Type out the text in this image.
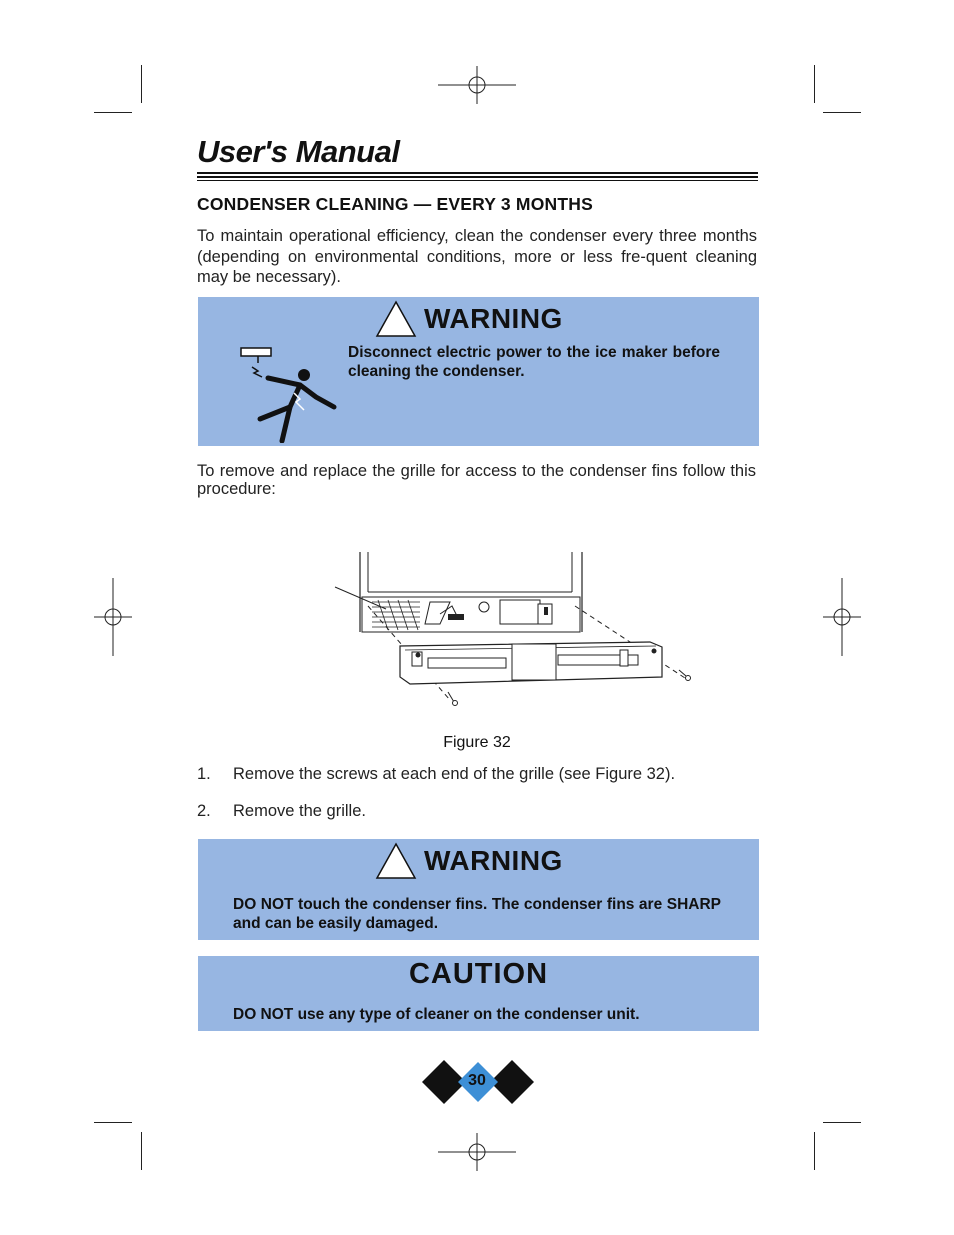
User's Manual
CONDENSER CLEANING — EVERY 3 MONTHS
To maintain operational efficiency, clean the condenser every three months (depending on environmental conditions, more or less fre-quent cleaning may be necessary).
WARNING
Disconnect electric power to the ice maker before cleaning the condenser.
To remove and replace the grille for access to the condenser fins follow this procedure:
Figure 32
1. Remove the screws at each end of the grille (see Figure 32).
2. Remove the grille.
WARNING
DO NOT touch the condenser fins. The condenser fins are SHARP and can be easily damaged.
CAUTION
DO NOT use any type of cleaner on the condenser unit.
30
